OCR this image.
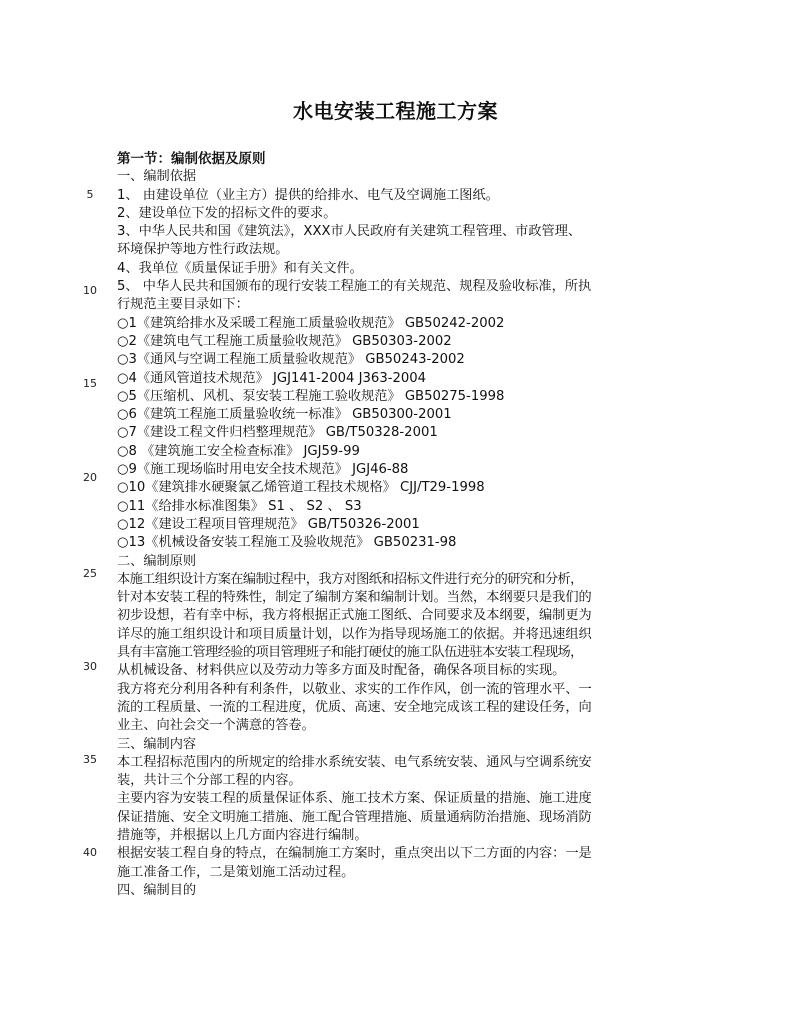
水电安装工程施工方案
第一节：编制依据及原则
一、编制依据
1、 由建设单位（业主方）提供的给排水、电气及空调施工图纸。
2、建设单位下发的招标文件的要求。
3、中华人民共和国《建筑法》，XXX市人民政府有关建筑工程管理、市政管理、
环境保护等地方性行政法规。
4、我单位《质量保证手册》和有关文件。
5、 中华人民共和国颁布的现行安装工程施工的有关规范、规程及验收标准，所执
行规范主要目录如下：
○1《建筑给排水及采暖工程施工质量验收规范》 GB50242-2002
○2《建筑电气工程施工质量验收规范》 GB50303-2002
○3《通风与空调工程施工质量验收规范》 GB50243-2002
○4《通风管道技术规范》 JGJ141-2004 J363-2004
○5《压缩机、风机、泵安装工程施工验收规范》 GB50275-1998
○6《建筑工程施工质量验收统一标准》 GB50300-2001
○7《建设工程文件归档整理规范》 GB/T50328-2001
○8 《建筑施工安全检查标准》 JGJ59-99
○9《施工现场临时用电安全技术规范》 JGJ46-88
○10《建筑排水硬聚氯乙烯管道工程技术规格》 CJJ/T29-1998
○11《给排水标准图集》 S1 、 S2 、 S3
○12《建设工程项目管理规范》 GB/T50326-2001
○13《机械设备安装工程施工及验收规范》 GB50231-98
二、编制原则
本施工组织设计方案在编制过程中，我方对图纸和招标文件进行充分的研究和分析，
针对本安装工程的特殊性，制定了编制方案和编制计划。当然，本纲要只是我们的
初步设想，若有幸中标，我方将根据正式施工图纸、合同要求及本纲要，编制更为
详尽的施工组织设计和项目质量计划，以作为指导现场施工的依据。并将迅速组织
具有丰富施工管理经验的项目管理班子和能打硬仗的施工队伍进驻本安装工程现场，
从机械设备、材料供应以及劳动力等多方面及时配备，确保各项目标的实现。
我方将充分利用各种有利条件，以敬业、求实的工作作风，创一流的管理水平、一
流的工程质量、一流的工程进度，优质、高速、安全地完成该工程的建设任务，向
业主、向社会交一个满意的答卷。
三、编制内容
本工程招标范围内的所规定的给排水系统安装、电气系统安装、通风与空调系统安
装，共计三个分部工程的内容。
主要内容为安装工程的质量保证体系、施工技术方案、保证质量的措施、施工进度
保证措施、安全文明施工措施、施工配合管理措施、质量通病防治措施、现场消防
措施等，并根据以上几方面内容进行编制。
根据安装工程自身的特点，在编制施工方案时，重点突出以下二方面的内容：一是
施工准备工作，二是策划施工活动过程。
四、编制目的
5
10
15
20
25
30
35
40
